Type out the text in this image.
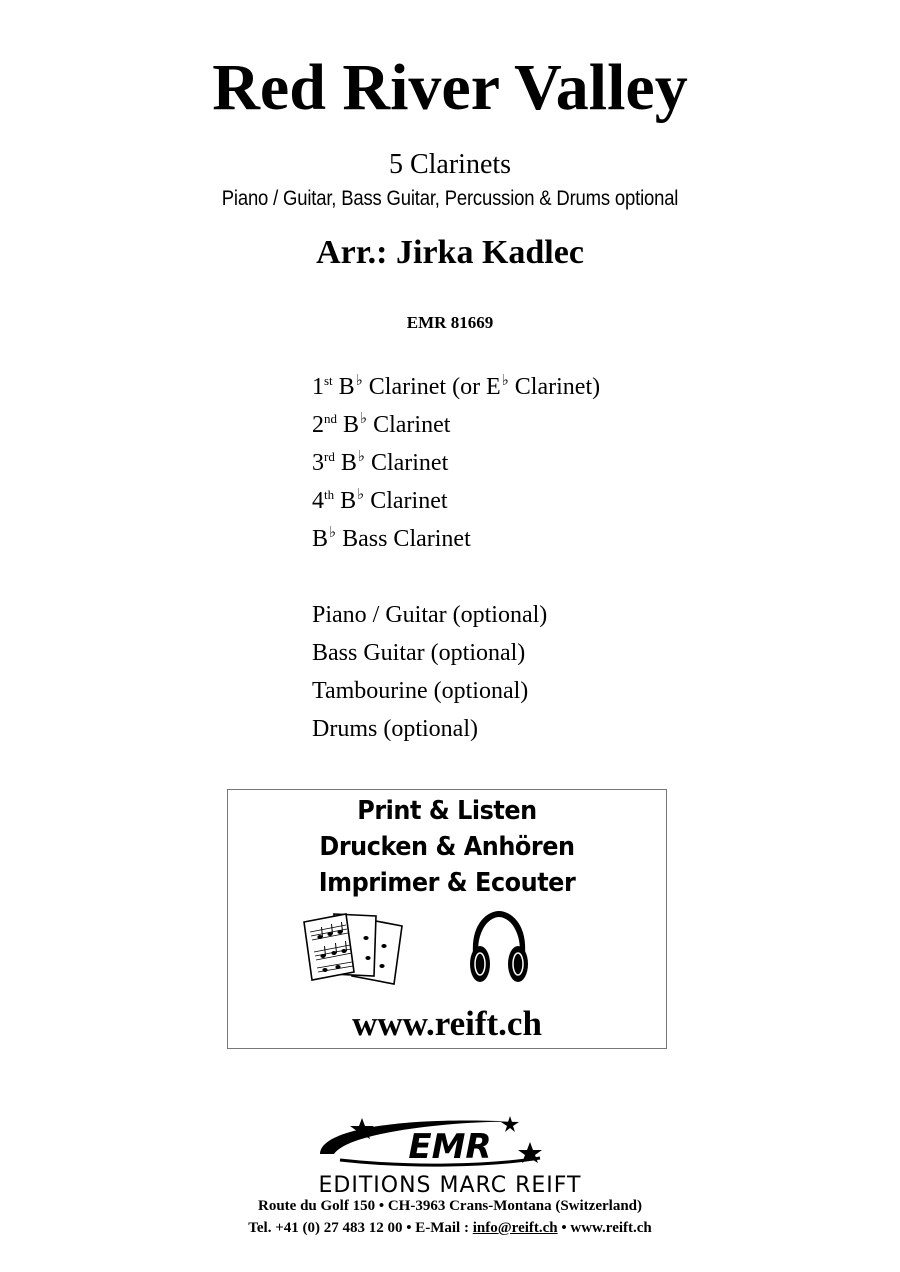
Red River Valley
5 Clarinets
Piano / Guitar, Bass Guitar, Percussion & Drums optional
Arr.: Jirka Kadlec
EMR 81669
1st B♭ Clarinet (or E♭ Clarinet)
2nd B♭ Clarinet
3rd B♭ Clarinet
4th B♭ Clarinet
B♭ Bass Clarinet
Piano / Guitar (optional)
Bass Guitar (optional)
Tambourine (optional)
Drums (optional)
Print & Listen
Drucken & Anhören
Imprimer & Ecouter
www.reift.ch
EMR
EDITIONS MARC REIFT
Route du Golf 150 • CH-3963 Crans-Montana (Switzerland)
Tel. +41 (0) 27 483 12 00 • E-Mail : info@reift.ch • www.reift.ch
